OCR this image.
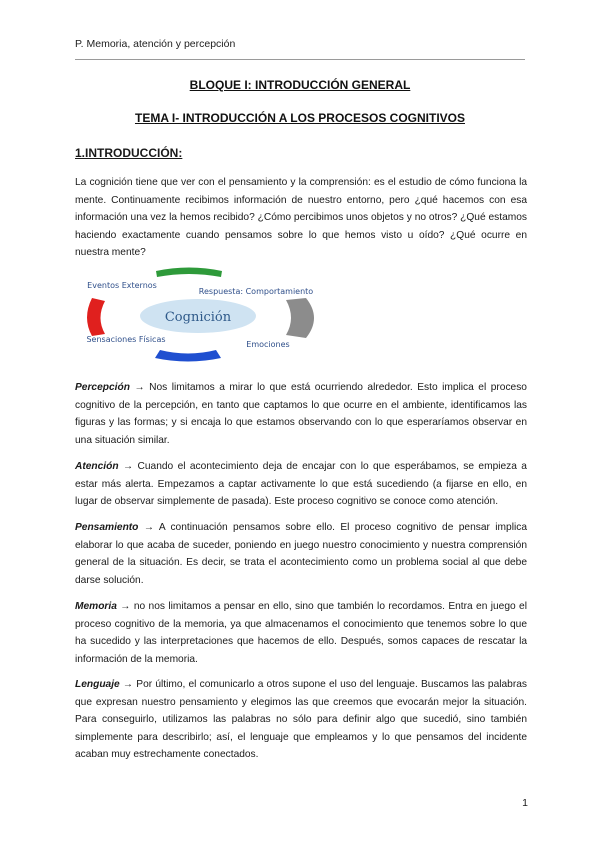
P. Memoria, atención y percepción
BLOQUE I: INTRODUCCIÓN GENERAL
TEMA I- INTRODUCCIÓN A LOS PROCESOS COGNITIVOS
1.INTRODUCCIÓN:

La cognición tiene que ver con el pensamiento y la comprensión: es el estudio de cómo funciona la mente. Continuamente recibimos información de nuestro entorno, pero ¿qué hacemos con esa información una vez la hemos recibido? ¿Cómo percibimos unos objetos y no otros? ¿Qué estamos haciendo exactamente cuando pensamos sobre lo que hemos visto u oído? ¿Qué ocurre en nuestra mente?

Cognición
Eventos Externos
Respuesta: Comportamiento
Sensaciones Físicas
Emociones

Percepción → Nos limitamos a mirar lo que está ocurriendo alrededor. Esto implica el proceso cognitivo de la percepción, en tanto que captamos lo que ocurre en el ambiente, identificamos las figuras y las formas; y si encaja lo que estamos observando con lo que esperaríamos observar en una situación similar.

Atención → Cuando el acontecimiento deja de encajar con lo que esperábamos, se empieza a estar más alerta. Empezamos a captar activamente lo que está sucediendo (a fijarse en ello, en lugar de observar simplemente de pasada). Este proceso cognitivo se conoce como atención.

Pensamiento → A continuación pensamos sobre ello. El proceso cognitivo de pensar implica elaborar lo que acaba de suceder, poniendo en juego nuestro conocimiento y nuestra comprensión general de la situación. Es decir, se trata el acontecimiento como un problema social al que debe darse solución.

Memoria → no nos limitamos a pensar en ello, sino que también lo recordamos. Entra en juego el proceso cognitivo de la memoria, ya que almacenamos el conocimiento que tenemos sobre lo que ha sucedido y las interpretaciones que hacemos de ello. Después, somos capaces de rescatar la información de la memoria.

Lenguaje → Por último, el comunicarlo a otros supone el uso del lenguaje. Buscamos las palabras que expresan nuestro pensamiento y elegimos las que creemos que evocarán mejor la situación. Para conseguirlo, utilizamos las palabras no sólo para definir algo que sucedió, sino también simplemente para describirlo; así, el lenguaje que empleamos y lo que pensamos del incidente acaban muy estrechamente conectados.

1
